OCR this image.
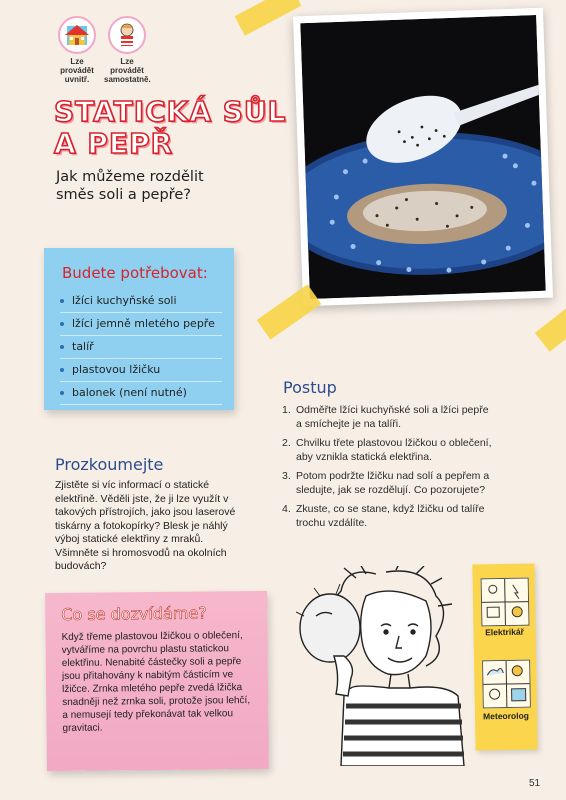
Lze provádět uvnitř.
Lze provádět samostatně.
STATICKÁ SŮL
A PEPŘ
Jak můžeme rozdělit
směs soli a pepře?
Budete potřebovat:
lžíci kuchyňské soli
lžíci jemně mletého pepře
talíř
plastovou lžičku
balonek (není nutné)	Postup
1. Odměřte lžíci kuchyňské soli a lžíci pepře a smíchejte je na talíři.
2. Chvilku třete plastovou lžičkou o oblečení, aby vznikla statická elektřina.
3. Potom podržte lžičku nad solí a pepřem a sledujte, jak se rozdělují. Co pozorujete?
4. Zkuste, co se stane, když lžičku od talíře trochu vzdálíte.
Prozkoumejte
Zjistěte si víc informací o statické elektřině. Věděli jste, že ji lze využít v takových přístrojích, jako jsou laserové tiskárny a fotokopírky? Blesk je náhlý výboj statické elektřiny z mraků. Všimněte si hromosvodů na okolních budovách?
Co se dozvídáme?
Když třeme plastovou lžičkou o oblečení, vytváříme na povrchu plastu statickou elektřinu. Nenabité částečky soli a pepře jsou přitahovány k nabitým částicím ve lžičce. Zrnka mletého pepře zvedá lžička snadněji než zrnka soli, protože jsou lehčí, a nemusejí tedy překonávat tak velkou gravitaci.
Elektrikář
Meteorolog
51
